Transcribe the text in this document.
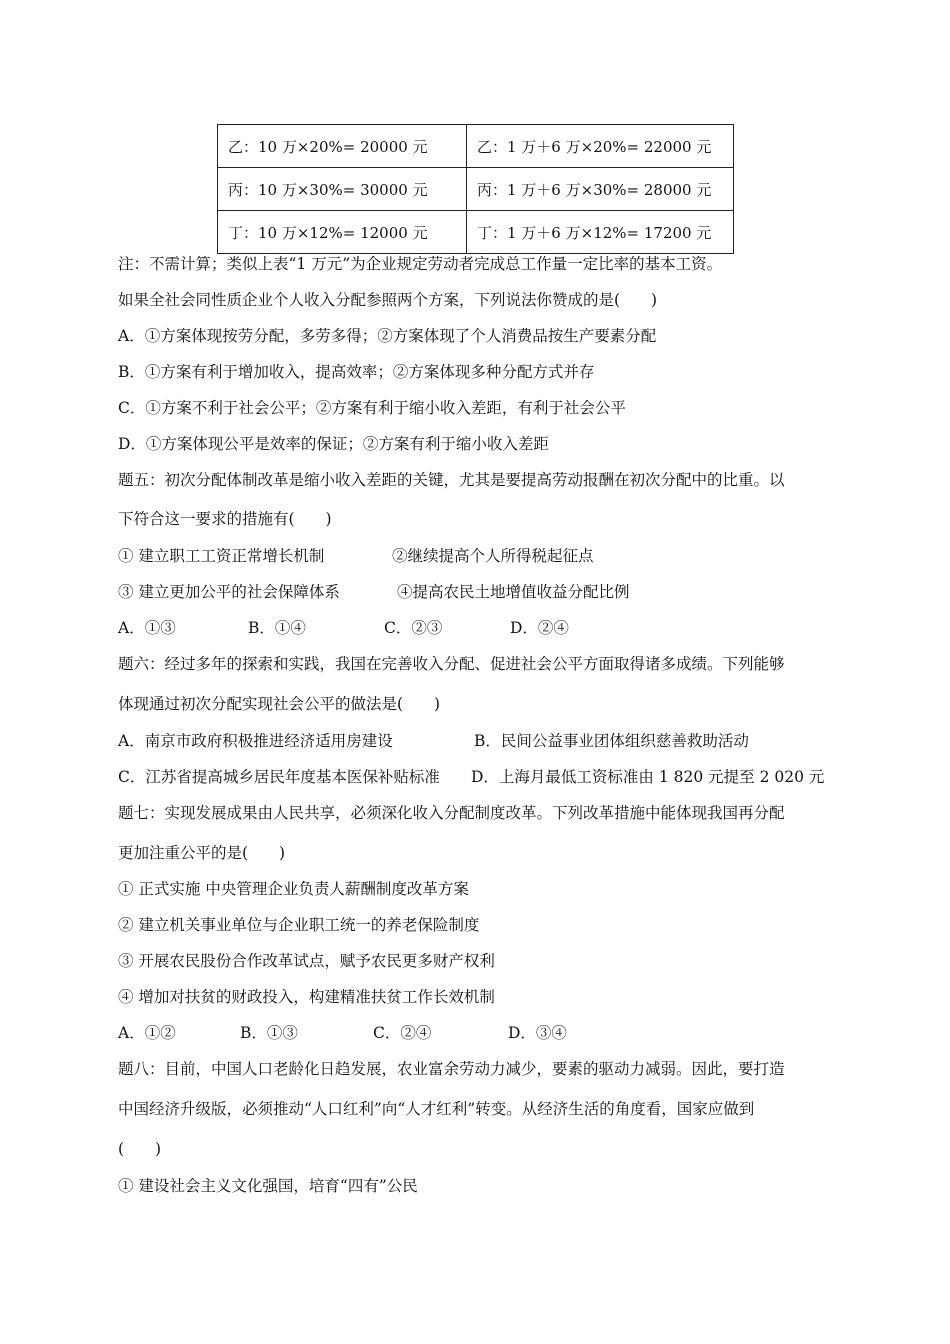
乙：10 万×20%= 20000 元	乙：1 万＋6 万×20%= 22000 元
丙：10 万×30%= 30000 元	丙：1 万＋6 万×30%= 28000 元
丁：10 万×12%= 12000 元	丁：1 万＋6 万×12%= 17200 元
注：不需计算；类似上表“1 万元”为企业规定劳动者完成总工作量一定比率的基本工资。
如果全社会同性质企业个人收入分配参照两个方案，下列说法你赞成的是(　　)
A．①方案体现按劳分配，多劳多得；②方案体现了个人消费品按生产要素分配
B．①方案有利于增加收入，提高效率；②方案体现多种分配方式并存
C．①方案不利于社会公平；②方案有利于缩小收入差距，有利于社会公平
D．①方案体现公平是效率的保证；②方案有利于缩小收入差距
题五：初次分配体制改革是缩小收入差距的关键，尤其是要提高劳动报酬在初次分配中的比重。以
下符合这一要求的措施有(　　)
① 建立职工工资正常增长机制	②继续提高个人所得税起征点
③ 建立更加公平的社会保障体系	④提高农民土地增值收益分配比例
A．①③	B．①④	C．②③	D．②④
题六：经过多年的探索和实践，我国在完善收入分配、促进社会公平方面取得诸多成绩。下列能够
体现通过初次分配实现社会公平的做法是(　　)
A．南京市政府积极推进经济适用房建设	B．民间公益事业团体组织慈善救助活动
C．江苏省提高城乡居民年度基本医保补贴标准 D．上海月最低工资标准由 1 820 元提至 2 020 元
题七：实现发展成果由人民共享，必须深化收入分配制度改革。下列改革措施中能体现我国再分配
更加注重公平的是(　　)
① 正式实施 中央管理企业负责人薪酬制度改革方案
② 建立机关事业单位与企业职工统一的养老保险制度
③ 开展农民股份合作改革试点，赋予农民更多财产权利
④ 增加对扶贫的财政投入，构建精准扶贫工作长效机制
A．①②	B．①③	C．②④	D．③④
题八：目前，中国人口老龄化日趋发展，农业富余劳动力减少，要素的驱动力减弱。因此，要打造
中国经济升级版，必须推动“人口红利”向“人才红利”转变。从经济生活的角度看，国家应做到
(　　)
① 建设社会主义文化强国，培育“四有”公民
